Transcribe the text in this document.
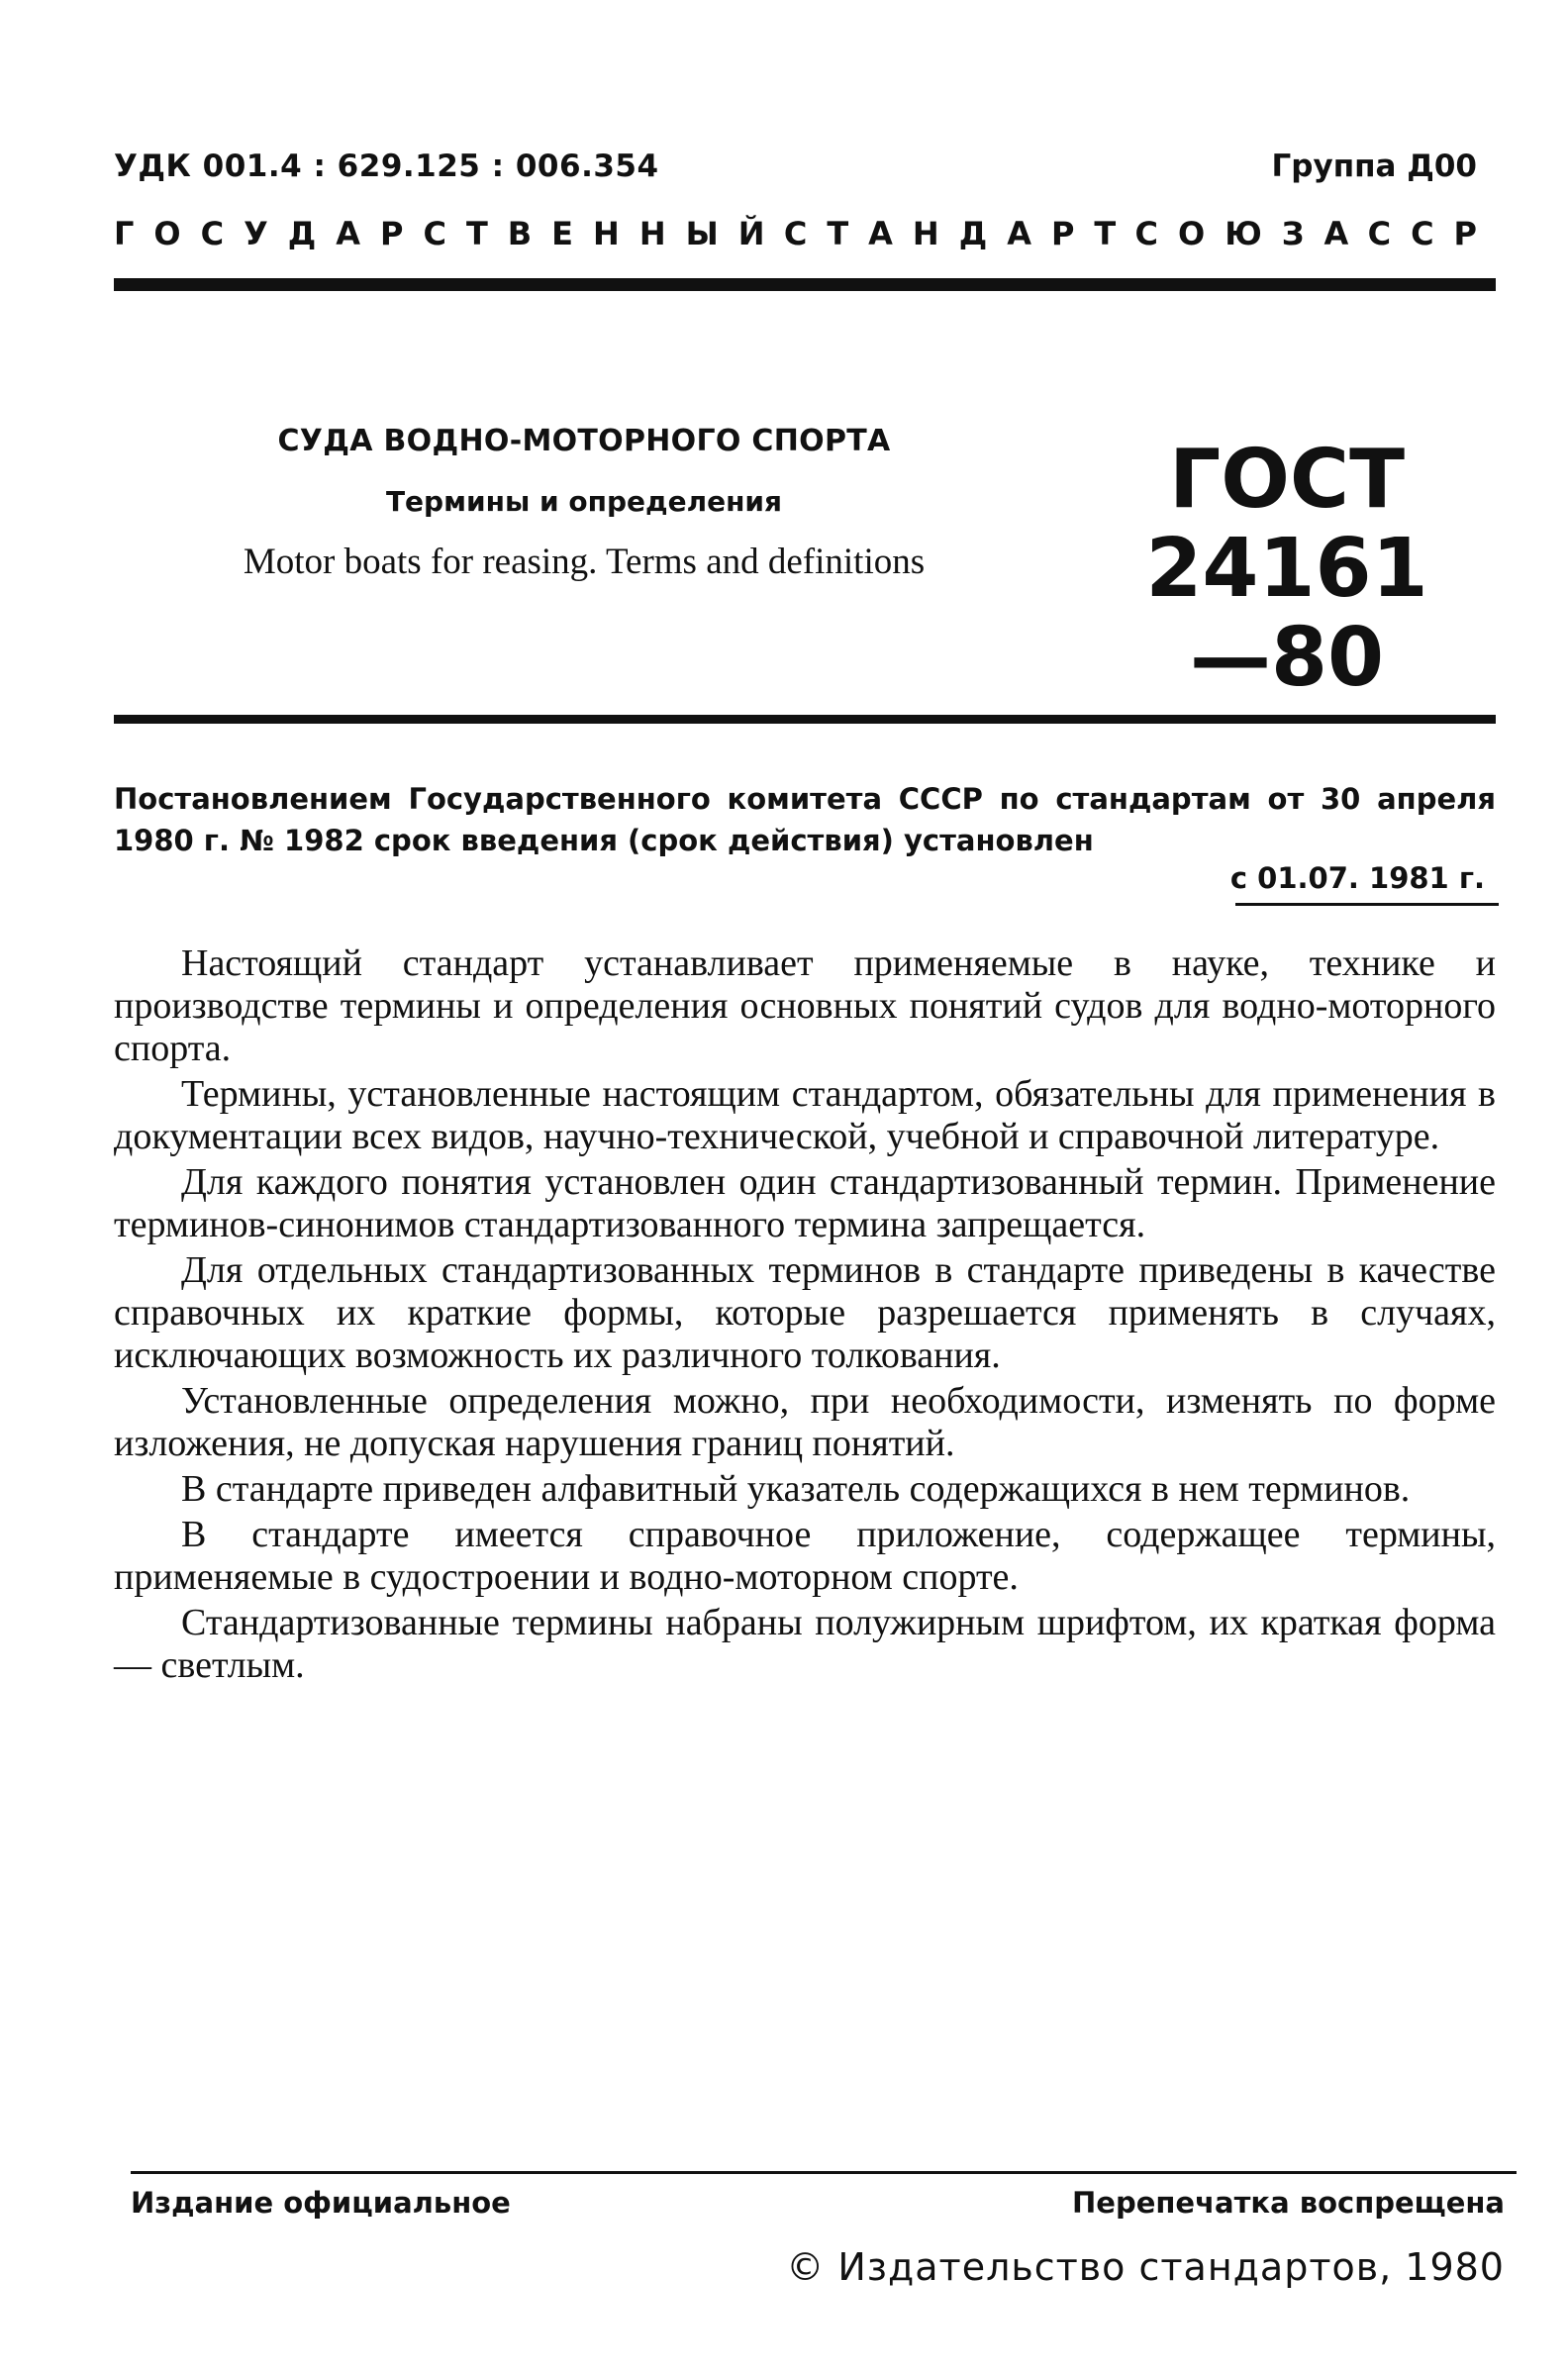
УДК 001.4 : 629.125 : 006.354	Группа Д00
Г О С У Д А Р С Т В Е Н Н Ы Й С Т А Н Д А Р Т С О Ю З А С С Р
СУДА ВОДНО-МОТОРНОГО СПОРТА
Термины и определения
Motor boats for reasing. Terms and definitions
ГОСТ
24161—80
Постановлением Государственного комитета СССР по стандартам от 30 апреля 1980 г. № 1982 срок введения (срок действия) установлен
с 01.07. 1981 г.

Настоящий стандарт устанавливает применяемые в науке, технике и производстве термины и определения основных понятий судов для водно-моторного спорта.

Термины, установленные настоящим стандартом, обязательны для применения в документации всех видов, научно-технической, учебной и справочной литературе.

Для каждого понятия установлен один стандартизованный термин. Применение терминов-синонимов стандартизованного термина запрещается.

Для отдельных стандартизованных терминов в стандарте приведены в качестве справочных их краткие формы, которые разрешается применять в случаях, исключающих возможность их различного толкования.

Установленные определения можно, при необходимости, изменять по форме изложения, не допуская нарушения границ понятий.

В стандарте приведен алфавитный указатель содержащихся в нем терминов.

В стандарте имеется справочное приложение, содержащее термины, применяемые в судостроении и водно-моторном спорте.

Стандартизованные термины набраны полужирным шрифтом, их краткая форма — светлым.

Издание официальное	Перепечатка воспрещена
© Издательство стандартов, 1980
